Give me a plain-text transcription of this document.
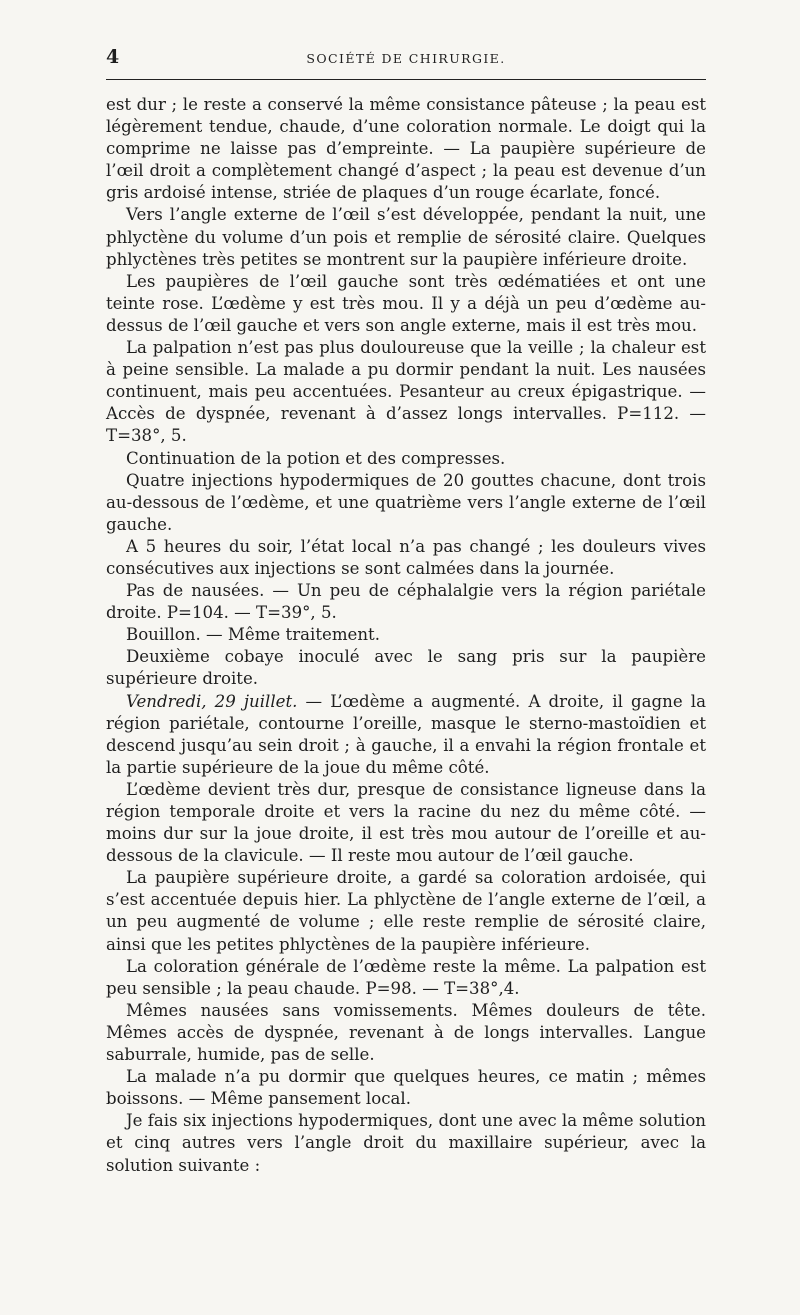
4	SOCIÉTÉ DE CHIRURGIE.

est dur ; le reste a conservé la même consistance pâteuse ; la peau est légèrement tendue, chaude, d’une coloration normale. Le doigt qui la comprime ne laisse pas d’empreinte. — La paupière supérieure de l’œil droit a complètement changé d’aspect ; la peau est devenue d’un gris ardoisé intense, striée de plaques d’un rouge écarlate, foncé.

Vers l’angle externe de l’œil s’est développée, pendant la nuit, une phlyctène du volume d’un pois et remplie de sérosité claire. Quelques phlyctènes très petites se montrent sur la paupière inférieure droite.

Les paupières de l’œil gauche sont très œdématiées et ont une teinte rose. L’œdème y est très mou. Il y a déjà un peu d’œdème au-dessus de l’œil gauche et vers son angle externe, mais il est très mou.

La palpation n’est pas plus douloureuse que la veille ; la chaleur est à peine sensible. La malade a pu dormir pendant la nuit. Les nausées continuent, mais peu accentuées. Pesanteur au creux épigastrique. — Accès de dyspnée, revenant à d’assez longs intervalles. P=112. — T=38°, 5.

Continuation de la potion et des compresses.

Quatre injections hypodermiques de 20 gouttes chacune, dont trois au-dessous de l’œdème, et une quatrième vers l’angle externe de l’œil gauche.

A 5 heures du soir, l’état local n’a pas changé ; les douleurs vives consécutives aux injections se sont calmées dans la journée.

Pas de nausées. — Un peu de céphalalgie vers la région pariétale droite. P=104. — T=39°, 5.

Bouillon. — Même traitement.

Deuxième cobaye inoculé avec le sang pris sur la paupière supérieure droite.

Vendredi, 29 juillet. — L’œdème a augmenté. A droite, il gagne la région pariétale, contourne l’oreille, masque le sterno-mastoïdien et descend jusqu’au sein droit ; à gauche, il a envahi la région frontale et la partie supérieure de la joue du même côté.

L’œdème devient très dur, presque de consistance ligneuse dans la région temporale droite et vers la racine du nez du même côté. — moins dur sur la joue droite, il est très mou autour de l’oreille et au-dessous de la clavicule. — Il reste mou autour de l’œil gauche.

La paupière supérieure droite, a gardé sa coloration ardoisée, qui s’est accentuée depuis hier. La phlyctène de l’angle externe de l’œil, a un peu augmenté de volume ; elle reste remplie de sérosité claire, ainsi que les petites phlyctènes de la paupière inférieure.

La coloration générale de l’œdème reste la même. La palpation est peu sensible ; la peau chaude. P=98. — T=38°,4.

Mêmes nausées sans vomissements. Mêmes douleurs de tête. Mêmes accès de dyspnée, revenant à de longs intervalles. Langue saburrale, humide, pas de selle.

La malade n’a pu dormir que quelques heures, ce matin ; mêmes boissons. — Même pansement local.

Je fais six injections hypodermiques, dont une avec la même solution et cinq autres vers l’angle droit du maxillaire supérieur, avec la solution suivante :
